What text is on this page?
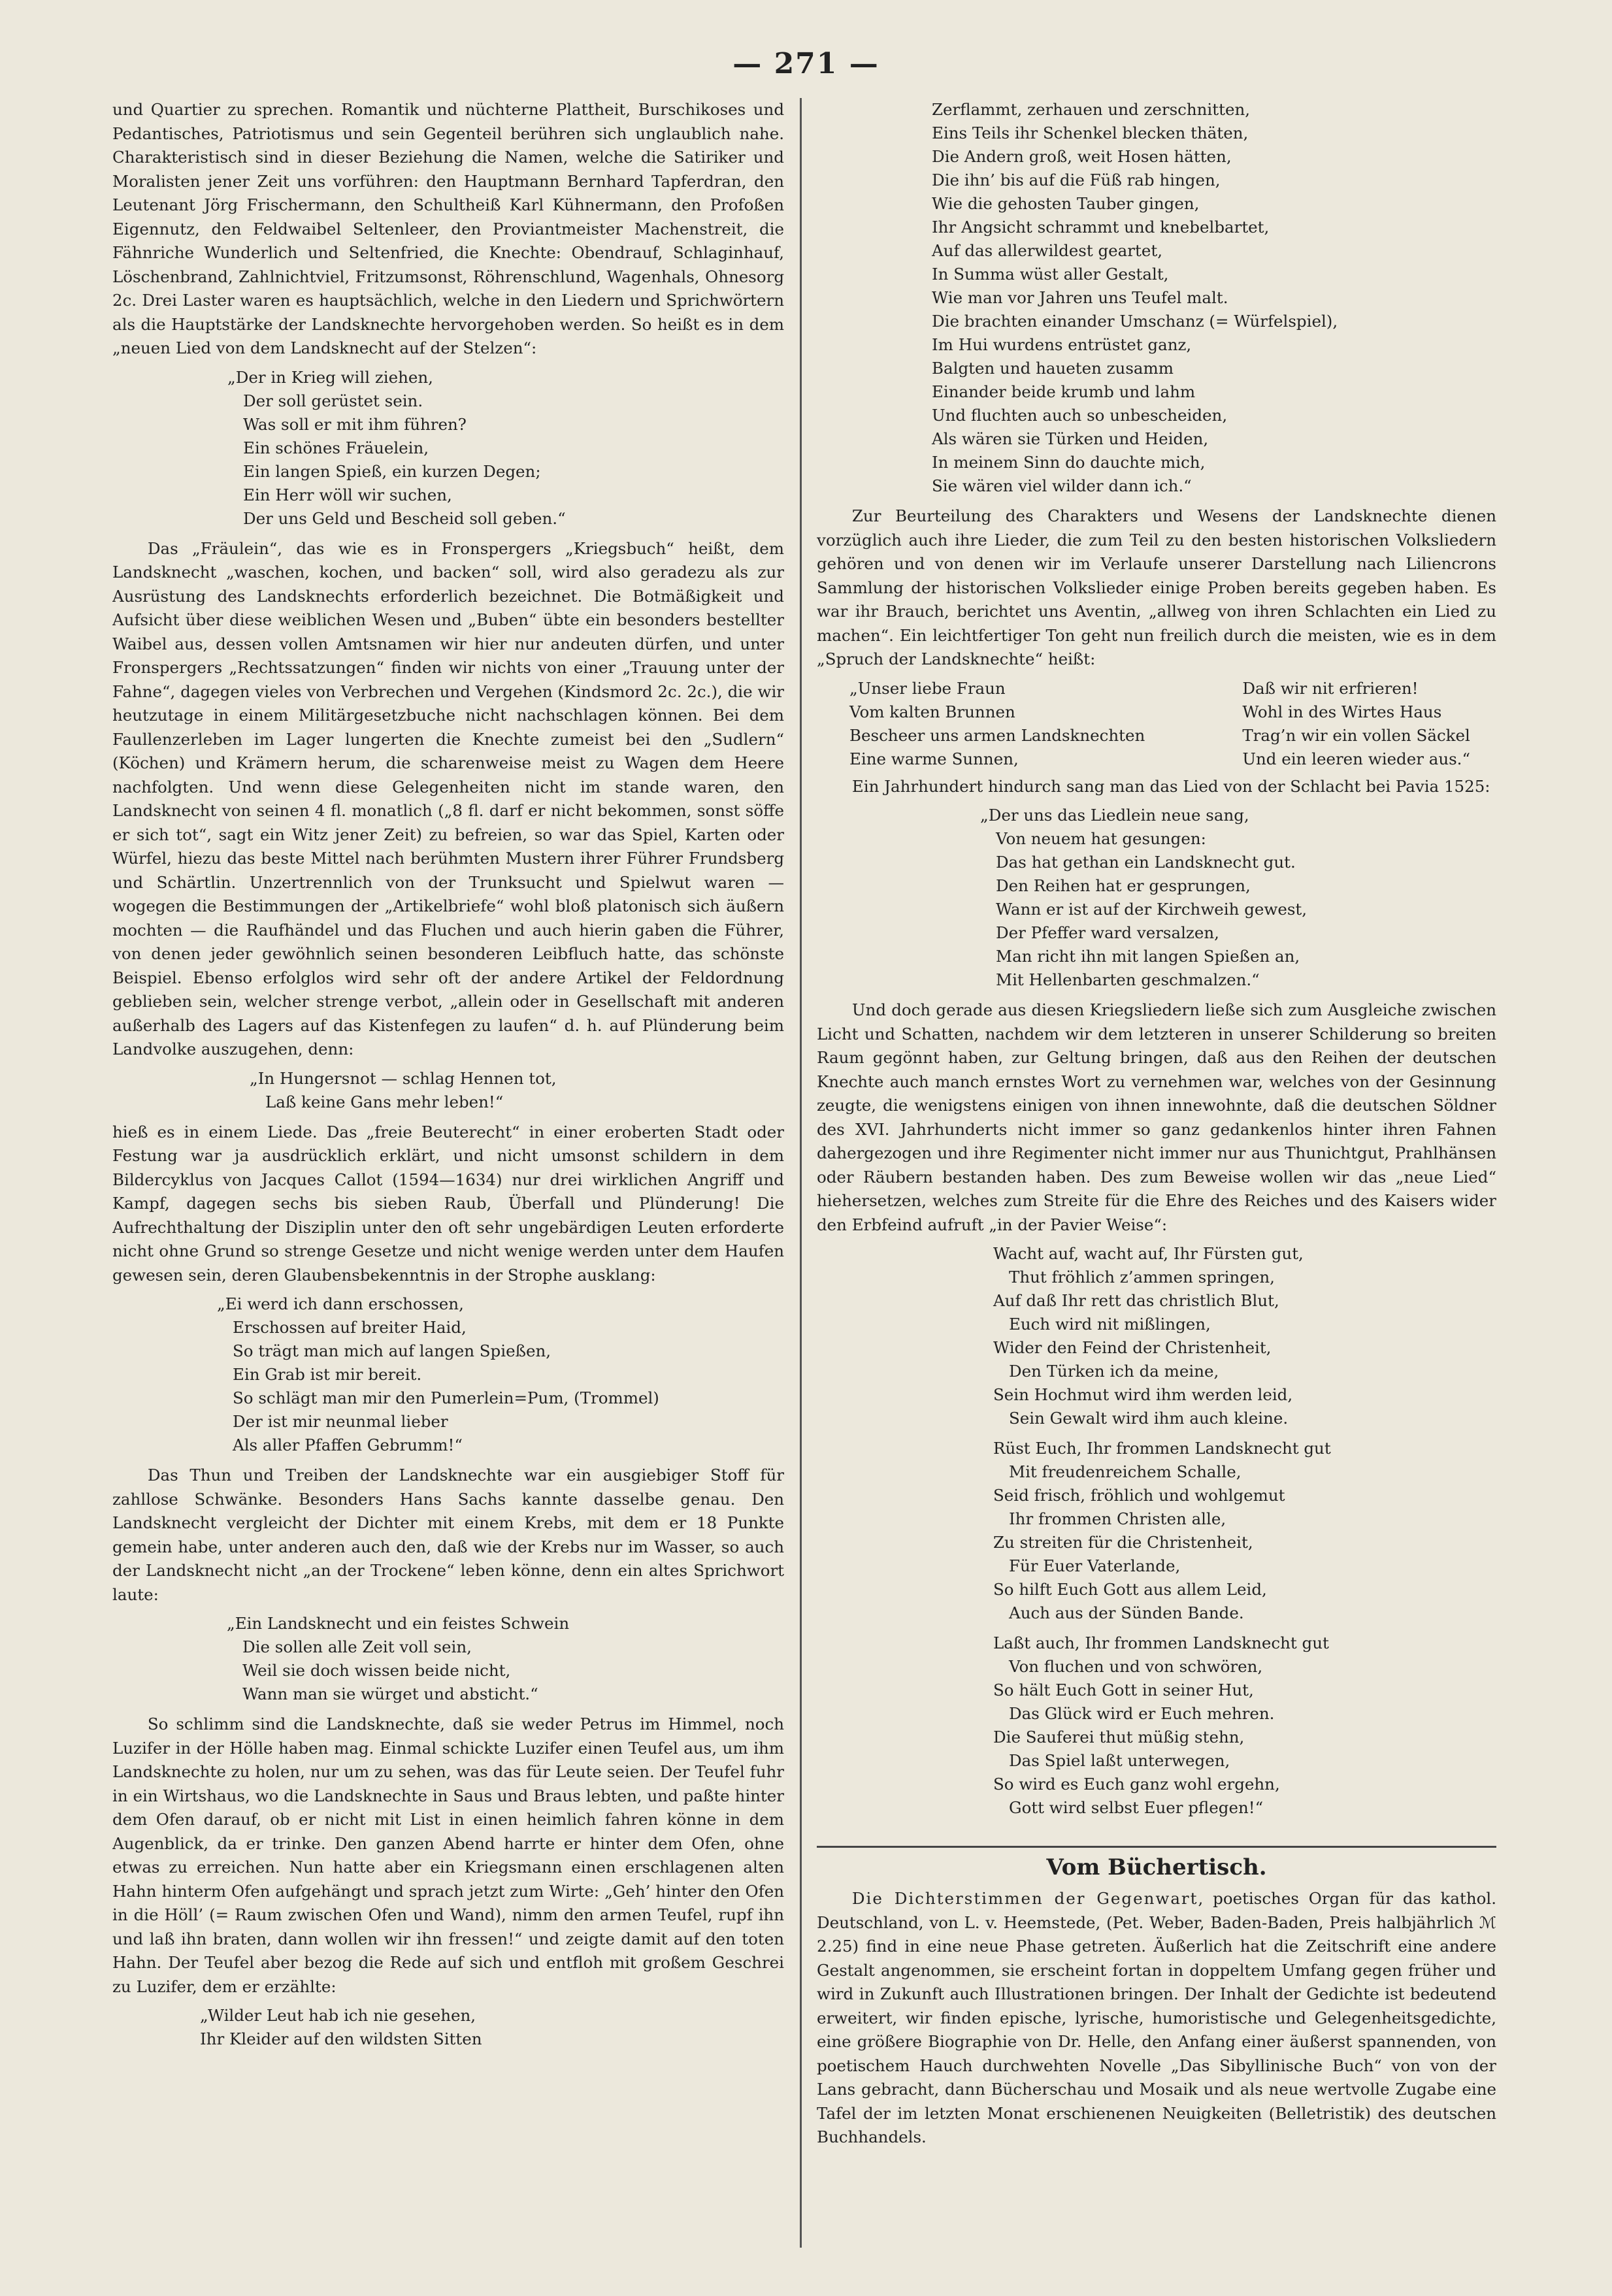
— 271 —

und Quartier zu sprechen. Romantik und nüchterne Plattheit, Burschikoses und Pedantisches, Patriotismus und sein Gegenteil berühren sich unglaublich nahe. Charakteristisch sind in dieser Beziehung die Namen, welche die Satiriker und Moralisten jener Zeit uns vorführen: den Hauptmann Bernhard Tapferdran, den Leutenant Jörg Frischermann, den Schultheiß Karl Kühnermann, den Profoßen Eigennutz, den Feldwaibel Seltenleer, den Proviantmeister Machenstreit, die Fähnriche Wunderlich und Seltenfried, die Knechte: Obendrauf, Schlaginhauf, Löschenbrand, Zahlnichtviel, Fritzumsonst, Röhrenschlund, Wagenhals, Ohnesorg 2c. Drei Laster waren es hauptsächlich, welche in den Liedern und Sprichwörtern als die Hauptstärke der Landsknechte hervorgehoben werden. So heißt es in dem „neuen Lied von dem Landsknecht auf der Stelzen“:

„Der in Krieg will ziehen,
Der soll gerüstet sein.
Was soll er mit ihm führen?
Ein schönes Fräuelein,
Ein langen Spieß, ein kurzen Degen;
Ein Herr wöll wir suchen,
Der uns Geld und Bescheid soll geben.“

Das „Fräulein“, das wie es in Fronspergers „Kriegsbuch“ heißt, dem Landsknecht „waschen, kochen, und backen“ soll, wird also geradezu als zur Ausrüstung des Landsknechts erforderlich bezeichnet. Die Botmäßigkeit und Aufsicht über diese weiblichen Wesen und „Buben“ übte ein besonders bestellter Waibel aus, dessen vollen Amtsnamen wir hier nur andeuten dürfen, und unter Fronspergers „Rechtssatzungen“ finden wir nichts von einer „Trauung unter der Fahne“, dagegen vieles von Verbrechen und Vergehen (Kindsmord 2c. 2c.), die wir heutzutage in einem Militärgesetzbuche nicht nachschlagen können. Bei dem Faullenzerleben im Lager lungerten die Knechte zumeist bei den „Sudlern“ (Köchen) und Krämern herum, die scharenweise meist zu Wagen dem Heere nachfolgten. Und wenn diese Gelegenheiten nicht im stande waren, den Landsknecht von seinen 4 fl. monatlich („8 fl. darf er nicht bekommen, sonst söffe er sich tot“, sagt ein Witz jener Zeit) zu befreien, so war das Spiel, Karten oder Würfel, hiezu das beste Mittel nach berühmten Mustern ihrer Führer Frundsberg und Schärtlin. Unzertrennlich von der Trunksucht und Spielwut waren — wogegen die Bestimmungen der „Artikelbriefe“ wohl bloß platonisch sich äußern mochten — die Raufhändel und das Fluchen und auch hierin gaben die Führer, von denen jeder gewöhnlich seinen besonderen Leibfluch hatte, das schönste Beispiel. Ebenso erfolglos wird sehr oft der andere Artikel der Feldordnung geblieben sein, welcher strenge verbot, „allein oder in Gesellschaft mit anderen außerhalb des Lagers auf das Kistenfegen zu laufen“ d. h. auf Plünderung beim Landvolke auszugehen, denn:

„In Hungersnot — schlag Hennen tot,
Laß keine Gans mehr leben!“

hieß es in einem Liede. Das „freie Beuterecht“ in einer eroberten Stadt oder Festung war ja ausdrücklich erklärt, und nicht umsonst schildern in dem Bildercyklus von Jacques Callot (1594—1634) nur drei wirklichen Angriff und Kampf, dagegen sechs bis sieben Raub, Überfall und Plünderung! Die Aufrechthaltung der Disziplin unter den oft sehr ungebärdigen Leuten erforderte nicht ohne Grund so strenge Gesetze und nicht wenige werden unter dem Haufen gewesen sein, deren Glaubensbekenntnis in der Strophe ausklang:

„Ei werd ich dann erschossen,
Erschossen auf breiter Haid,
So trägt man mich auf langen Spießen,
Ein Grab ist mir bereit.
So schlägt man mir den Pumerlein=Pum, (Trommel)
Der ist mir neunmal lieber
Als aller Pfaffen Gebrumm!“

Das Thun und Treiben der Landsknechte war ein ausgiebiger Stoff für zahllose Schwänke. Besonders Hans Sachs kannte dasselbe genau. Den Landsknecht vergleicht der Dichter mit einem Krebs, mit dem er 18 Punkte gemein habe, unter anderen auch den, daß wie der Krebs nur im Wasser, so auch der Landsknecht nicht „an der Trockene“ leben könne, denn ein altes Sprichwort laute:

„Ein Landsknecht und ein feistes Schwein
Die sollen alle Zeit voll sein,
Weil sie doch wissen beide nicht,
Wann man sie würget und absticht.“

So schlimm sind die Landsknechte, daß sie weder Petrus im Himmel, noch Luzifer in der Hölle haben mag. Einmal schickte Luzifer einen Teufel aus, um ihm Landsknechte zu holen, nur um zu sehen, was das für Leute seien. Der Teufel fuhr in ein Wirtshaus, wo die Landsknechte in Saus und Braus lebten, und paßte hinter dem Ofen darauf, ob er nicht mit List in einen heimlich fahren könne in dem Augenblick, da er trinke. Den ganzen Abend harrte er hinter dem Ofen, ohne etwas zu erreichen. Nun hatte aber ein Kriegsmann einen erschlagenen alten Hahn hinterm Ofen aufgehängt und sprach jetzt zum Wirte: „Geh’ hinter den Ofen in die Höll’ (= Raum zwischen Ofen und Wand), nimm den armen Teufel, rupf ihn und laß ihn braten, dann wollen wir ihn fressen!“ und zeigte damit auf den toten Hahn. Der Teufel aber bezog die Rede auf sich und entfloh mit großem Geschrei zu Luzifer, dem er erzählte:

„Wilder Leut hab ich nie gesehen,
Ihr Kleider auf den wildsten Sitten
Zerflammt, zerhauen und zerschnitten,
Eins Teils ihr Schenkel blecken thäten,
Die Andern groß, weit Hosen hätten,
Die ihn’ bis auf die Füß rab hingen,
Wie die gehosten Tauber gingen,
Ihr Angsicht schrammt und knebelbartet,
Auf das allerwildest geartet,
In Summa wüst aller Gestalt,
Wie man vor Jahren uns Teufel malt.
Die brachten einander Umschanz (= Würfelspiel),
Im Hui wurdens entrüstet ganz,
Balgten und haueten zusamm
Einander beide krumb und lahm
Und fluchten auch so unbescheiden,
Als wären sie Türken und Heiden,
In meinem Sinn do dauchte mich,
Sie wären viel wilder dann ich.“

Zur Beurteilung des Charakters und Wesens der Landsknechte dienen vorzüglich auch ihre Lieder, die zum Teil zu den besten historischen Volksliedern gehören und von denen wir im Verlaufe unserer Darstellung nach Liliencrons Sammlung der historischen Volkslieder einige Proben bereits gegeben haben. Es war ihr Brauch, berichtet uns Aventin, „allweg von ihren Schlachten ein Lied zu machen“. Ein leichtfertiger Ton geht nun freilich durch die meisten, wie es in dem „Spruch der Landsknechte“ heißt:

„Unser liebe Fraun
Vom kalten Brunnen
Bescheer uns armen Landsknechten
Eine warme Sunnen,
Daß wir nit erfrieren!
Wohl in des Wirtes Haus
Trag’n wir ein vollen Säckel
Und ein leeren wieder aus.“

Ein Jahrhundert hindurch sang man das Lied von der Schlacht bei Pavia 1525:

„Der uns das Liedlein neue sang,
Von neuem hat gesungen:
Das hat gethan ein Landsknecht gut.
Den Reihen hat er gesprungen,
Wann er ist auf der Kirchweih gewest,
Der Pfeffer ward versalzen,
Man richt ihn mit langen Spießen an,
Mit Hellenbarten geschmalzen.“

Und doch gerade aus diesen Kriegsliedern ließe sich zum Ausgleiche zwischen Licht und Schatten, nachdem wir dem letzteren in unserer Schilderung so breiten Raum gegönnt haben, zur Geltung bringen, daß aus den Reihen der deutschen Knechte auch manch ernstes Wort zu vernehmen war, welches von der Gesinnung zeugte, die wenigstens einigen von ihnen innewohnte, daß die deutschen Söldner des XVI. Jahrhunderts nicht immer so ganz gedankenlos hinter ihren Fahnen dahergezogen und ihre Regimenter nicht immer nur aus Thunichtgut, Prahlhänsen oder Räubern bestanden haben. Des zum Beweise wollen wir das „neue Lied“ hiehersetzen, welches zum Streite für die Ehre des Reiches und des Kaisers wider den Erbfeind aufruft „in der Pavier Weise“:

Wacht auf, wacht auf, Ihr Fürsten gut,
Thut fröhlich z’ammen springen,
Auf daß Ihr rett das christlich Blut,
Euch wird nit mißlingen,
Wider den Feind der Christenheit,
Den Türken ich da meine,
Sein Hochmut wird ihm werden leid,
Sein Gewalt wird ihm auch kleine.
Rüst Euch, Ihr frommen Landsknecht gut
Mit freudenreichem Schalle,
Seid frisch, fröhlich und wohlgemut
Ihr frommen Christen alle,
Zu streiten für die Christenheit,
Für Euer Vaterlande,
So hilft Euch Gott aus allem Leid,
Auch aus der Sünden Bande.
Laßt auch, Ihr frommen Landsknecht gut
Von fluchen und von schwören,
So hält Euch Gott in seiner Hut,
Das Glück wird er Euch mehren.
Die Sauferei thut müßig stehn,
Das Spiel laßt unterwegen,
So wird es Euch ganz wohl ergehn,
Gott wird selbst Euer pflegen!“
Vom Büchertisch.

Die Dichterstimmen der Gegenwart, poetisches Organ für das kathol. Deutschland, von L. v. Heemstede, (Pet. Weber, Baden-Baden, Preis halbjährlich ℳ 2.25) find in eine neue Phase getreten. Äußerlich hat die Zeitschrift eine andere Gestalt angenommen, sie erscheint fortan in doppeltem Umfang gegen früher und wird in Zukunft auch Illustrationen bringen. Der Inhalt der Gedichte ist bedeutend erweitert, wir finden epische, lyrische, humoristische und Gelegenheitsgedichte, eine größere Biographie von Dr. Helle, den Anfang einer äußerst spannenden, von poetischem Hauch durchwehten Novelle „Das Sibyllinische Buch“ von von der Lans gebracht, dann Bücherschau und Mosaik und als neue wertvolle Zugabe eine Tafel der im letzten Monat erschienenen Neuigkeiten (Belletristik) des deutschen Buchhandels.
